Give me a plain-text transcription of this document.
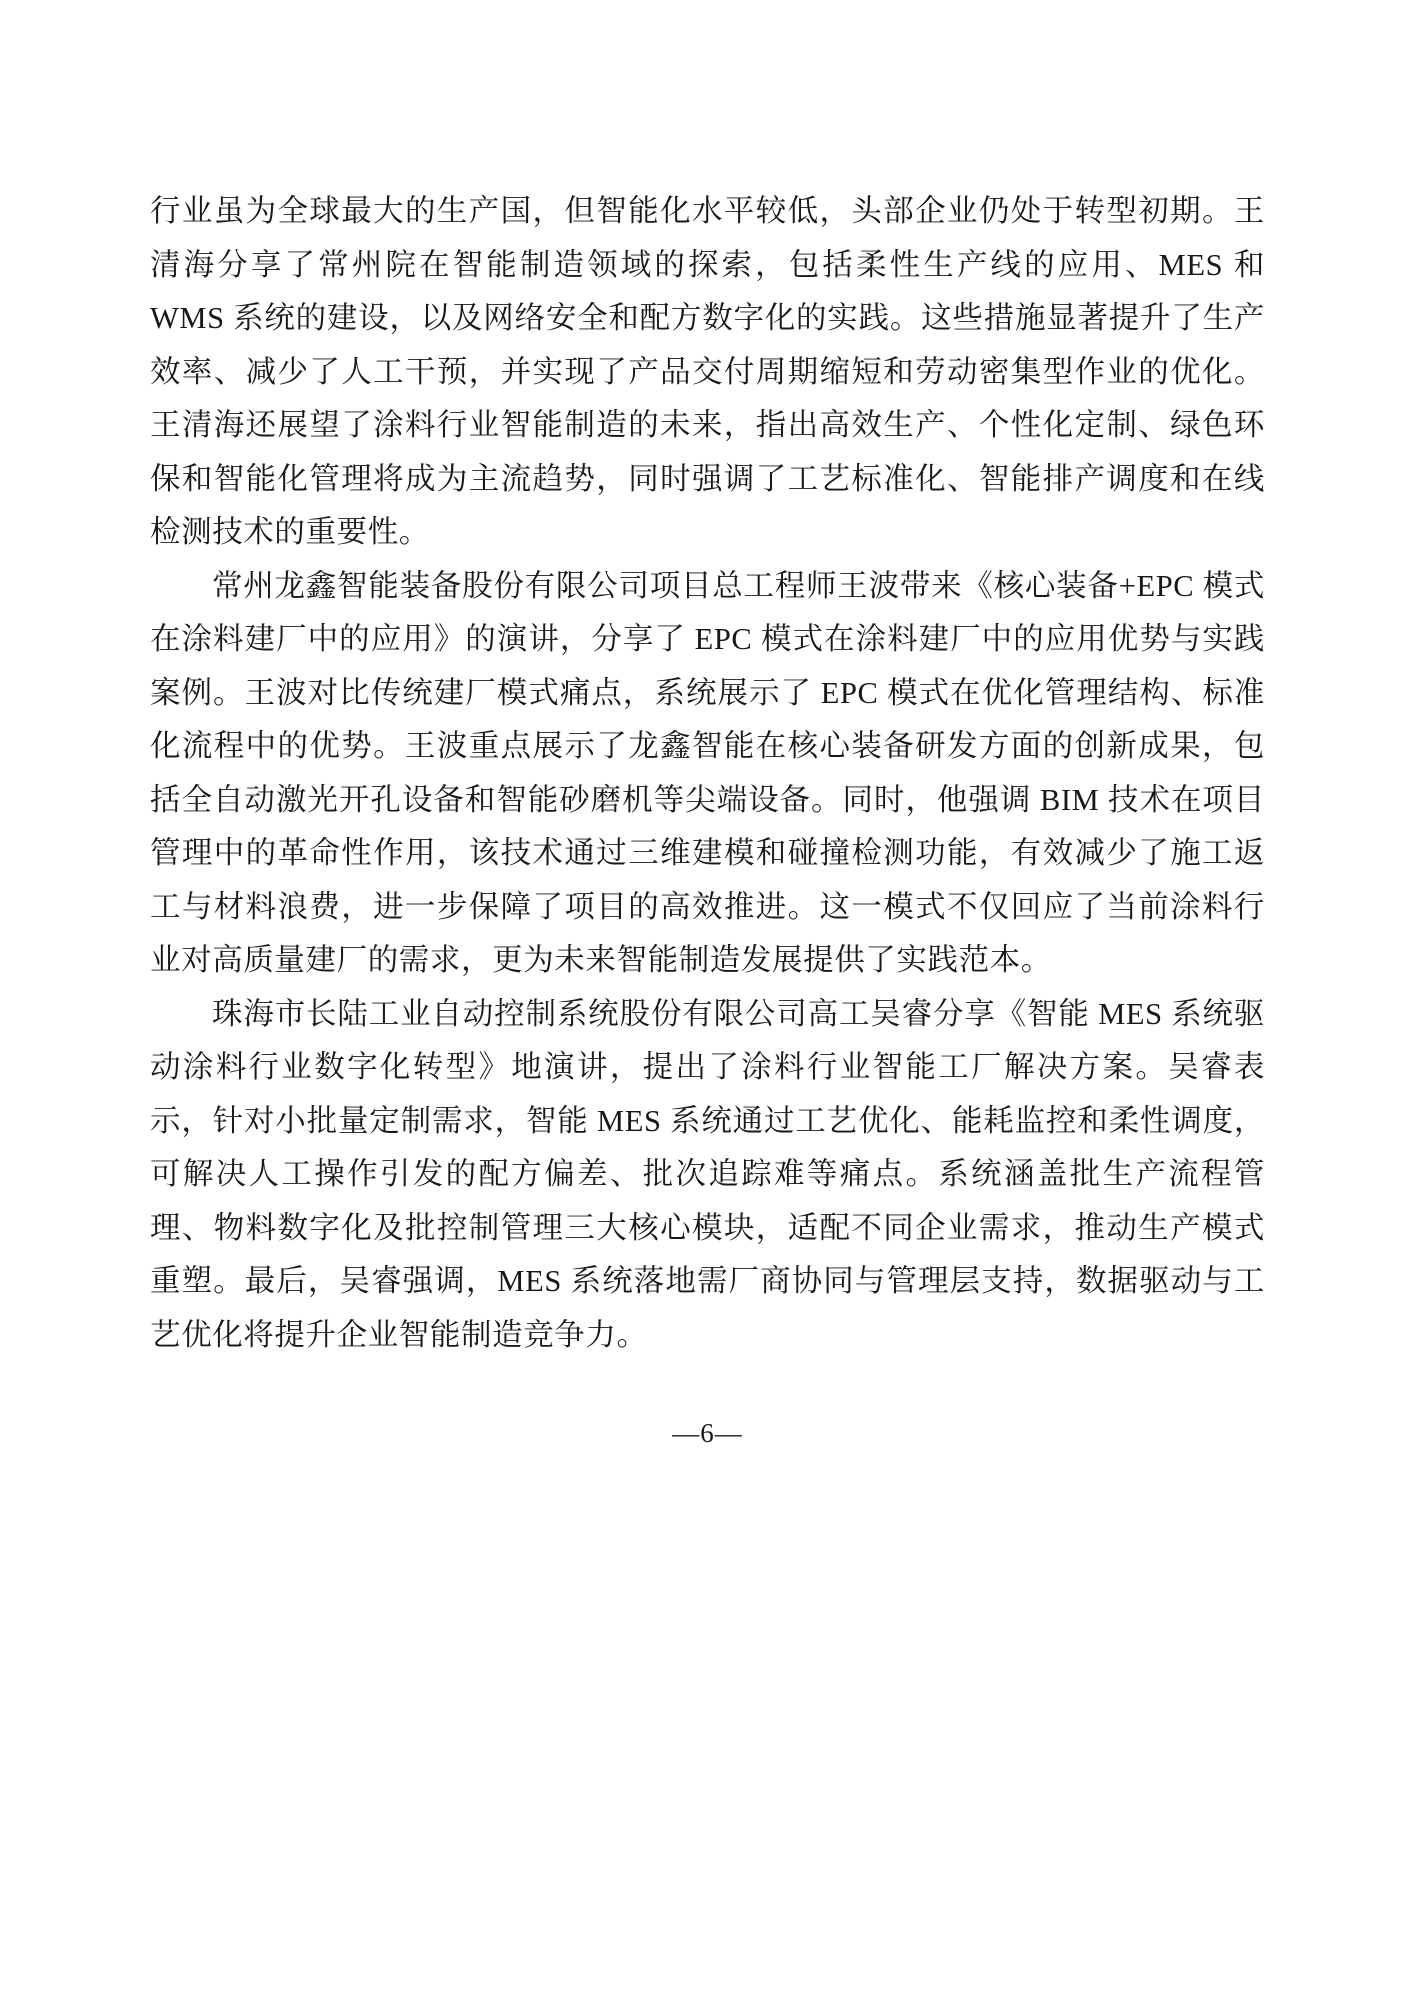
行业虽为全球最大的生产国，但智能化水平较低，头部企业仍处于转型初期。王清海分享了常州院在智能制造领域的探索，包括柔性生产线的应用、MES 和 WMS 系统的建设，以及网络安全和配方数字化的实践。这些措施显著提升了生产效率、减少了人工干预，并实现了产品交付周期缩短和劳动密集型作业的优化。王清海还展望了涂料行业智能制造的未来，指出高效生产、个性化定制、绿色环保和智能化管理将成为主流趋势，同时强调了工艺标准化、智能排产调度和在线检测技术的重要性。

常州龙鑫智能装备股份有限公司项目总工程师王波带来《核心装备+EPC 模式在涂料建厂中的应用》的演讲，分享了 EPC 模式在涂料建厂中的应用优势与实践案例。王波对比传统建厂模式痛点，系统展示了 EPC 模式在优化管理结构、标准化流程中的优势。王波重点展示了龙鑫智能在核心装备研发方面的创新成果，包括全自动激光开孔设备和智能砂磨机等尖端设备。同时，他强调 BIM 技术在项目管理中的革命性作用，该技术通过三维建模和碰撞检测功能，有效减少了施工返工与材料浪费，进一步保障了项目的高效推进。这一模式不仅回应了当前涂料行业对高质量建厂的需求，更为未来智能制造发展提供了实践范本。

珠海市长陆工业自动控制系统股份有限公司高工吴睿分享《智能 MES 系统驱动涂料行业数字化转型》地演讲，提出了涂料行业智能工厂解决方案。吴睿表示，针对小批量定制需求，智能 MES 系统通过工艺优化、能耗监控和柔性调度，可解决人工操作引发的配方偏差、批次追踪难等痛点。系统涵盖批生产流程管理、物料数字化及批控制管理三大核心模块，适配不同企业需求，推动生产模式重塑。最后，吴睿强调，MES 系统落地需厂商协同与管理层支持，数据驱动与工艺优化将提升企业智能制造竞争力。

—6—
